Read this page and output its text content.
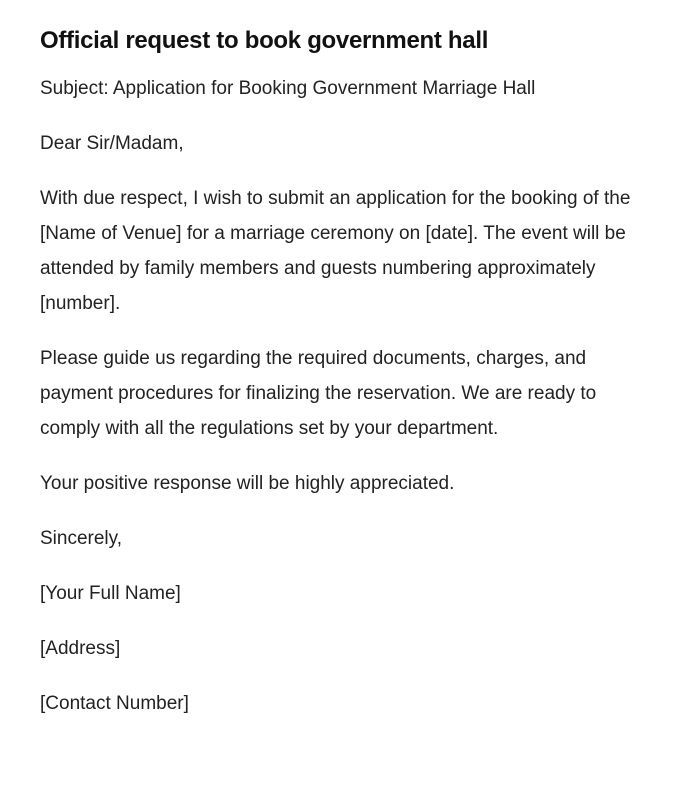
Official request to book government hall

Subject: Application for Booking Government Marriage Hall

Dear Sir/Madam,

With due respect, I wish to submit an application for the booking of the [Name of Venue] for a marriage ceremony on [date]. The event will be attended by family members and guests numbering approximately [number].

Please guide us regarding the required documents, charges, and payment procedures for finalizing the reservation. We are ready to comply with all the regulations set by your department.

Your positive response will be highly appreciated.

Sincerely,

[Your Full Name]

[Address]

[Contact Number]
